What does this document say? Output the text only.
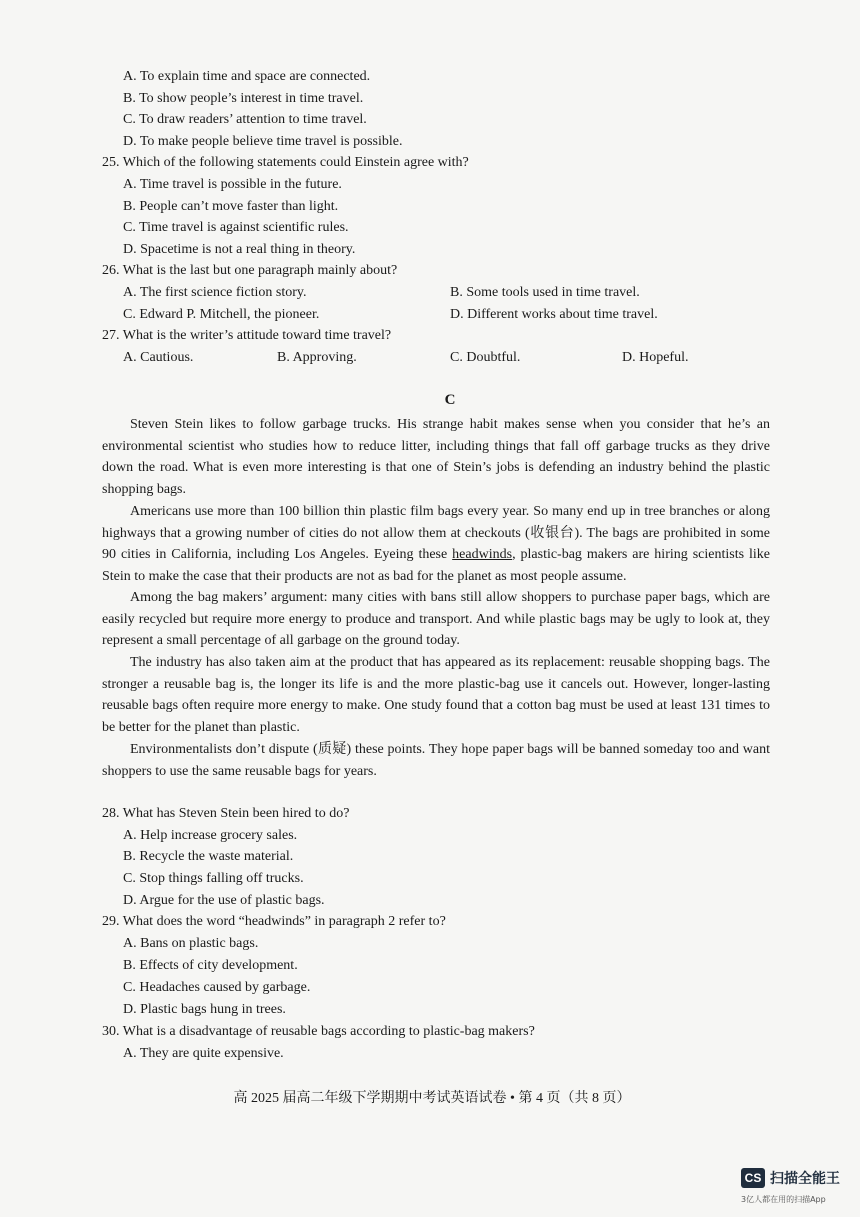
A. To explain time and space are connected.
B. To show people’s interest in time travel.
C. To draw readers’ attention to time travel.
D. To make people believe time travel is possible.
25. Which of the following statements could Einstein agree with?
A. Time travel is possible in the future.
B. People can’t move faster than light.
C. Time travel is against scientific rules.
D. Spacetime is not a real thing in theory.
26. What is the last but one paragraph mainly about?
A. The first science fiction story.	B. Some tools used in time travel.
C. Edward P. Mitchell, the pioneer.	D. Different works about time travel.
27. What is the writer’s attitude toward time travel?
A. Cautious.	B. Approving.	C. Doubtful.	D. Hopeful.
C

Steven Stein likes to follow garbage trucks. His strange habit makes sense when you consider that he’s an environmental scientist who studies how to reduce litter, including things that fall off garbage trucks as they drive down the road. What is even more interesting is that one of Stein’s jobs is defending an industry behind the plastic shopping bags.

Americans use more than 100 billion thin plastic film bags every year. So many end up in tree branches or along highways that a growing number of cities do not allow them at checkouts (收银台). The bags are prohibited in some 90 cities in California, including Los Angeles. Eyeing these headwinds, plastic-bag makers are hiring scientists like Stein to make the case that their products are not as bad for the planet as most people assume.

Among the bag makers’ argument: many cities with bans still allow shoppers to purchase paper bags, which are easily recycled but require more energy to produce and transport. And while plastic bags may be ugly to look at, they represent a small percentage of all garbage on the ground today.

The industry has also taken aim at the product that has appeared as its replacement: reusable shopping bags. The stronger a reusable bag is, the longer its life is and the more plastic-bag use it cancels out. However, longer-lasting reusable bags often require more energy to make. One study found that a cotton bag must be used at least 131 times to be better for the planet than plastic.

Environmentalists don’t dispute (质疑) these points. They hope paper bags will be banned someday too and want shoppers to use the same reusable bags for years.

28. What has Steven Stein been hired to do?
A. Help increase grocery sales.
B. Recycle the waste material.
C. Stop things falling off trucks.
D. Argue for the use of plastic bags.
29. What does the word “headwinds” in paragraph 2 refer to?
A. Bans on plastic bags.
B. Effects of city development.
C. Headaches caused by garbage.
D. Plastic bags hung in trees.
30. What is a disadvantage of reusable bags according to plastic-bag makers?
A. They are quite expensive.
高 2025 届高二年级下学期期中考试英语试卷 • 第 4 页（共 8 页）
CS 扫描全能王
3亿人都在用的扫描App
